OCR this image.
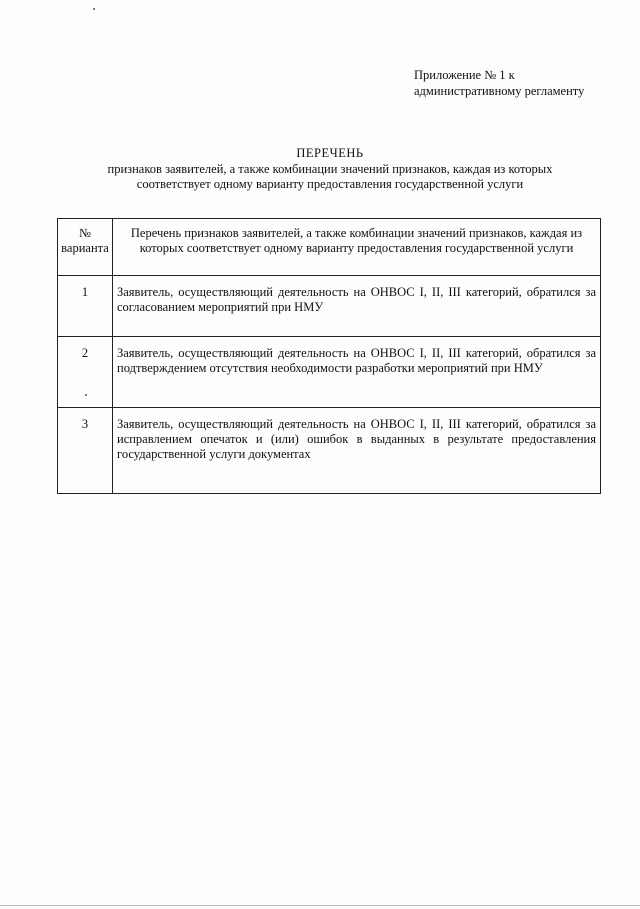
Приложение № 1 к
административному регламенту
ПЕРЕЧЕНЬ
признаков заявителей, а также комбинации значений признаков, каждая из которых
соответствует одному варианту предоставления государственной услуги
№
варианта	Перечень признаков заявителей, а также комбинации значений признаков, каждая из которых соответствует одному варианту предоставления государственной услуги
1	Заявитель, осуществляющий деятельность на ОНВОС I, II, III категорий, обратился за согласованием мероприятий при НМУ
2	Заявитель, осуществляющий деятельность на ОНВОС I, II, III категорий, обратился за подтверждением отсутствия необходимости разработки мероприятий при НМУ
3	Заявитель, осуществляющий деятельность на ОНВОС I, II, III категорий, обратился за исправлением опечаток и (или) ошибок в выданных в результате предоставления государственной услуги документах
